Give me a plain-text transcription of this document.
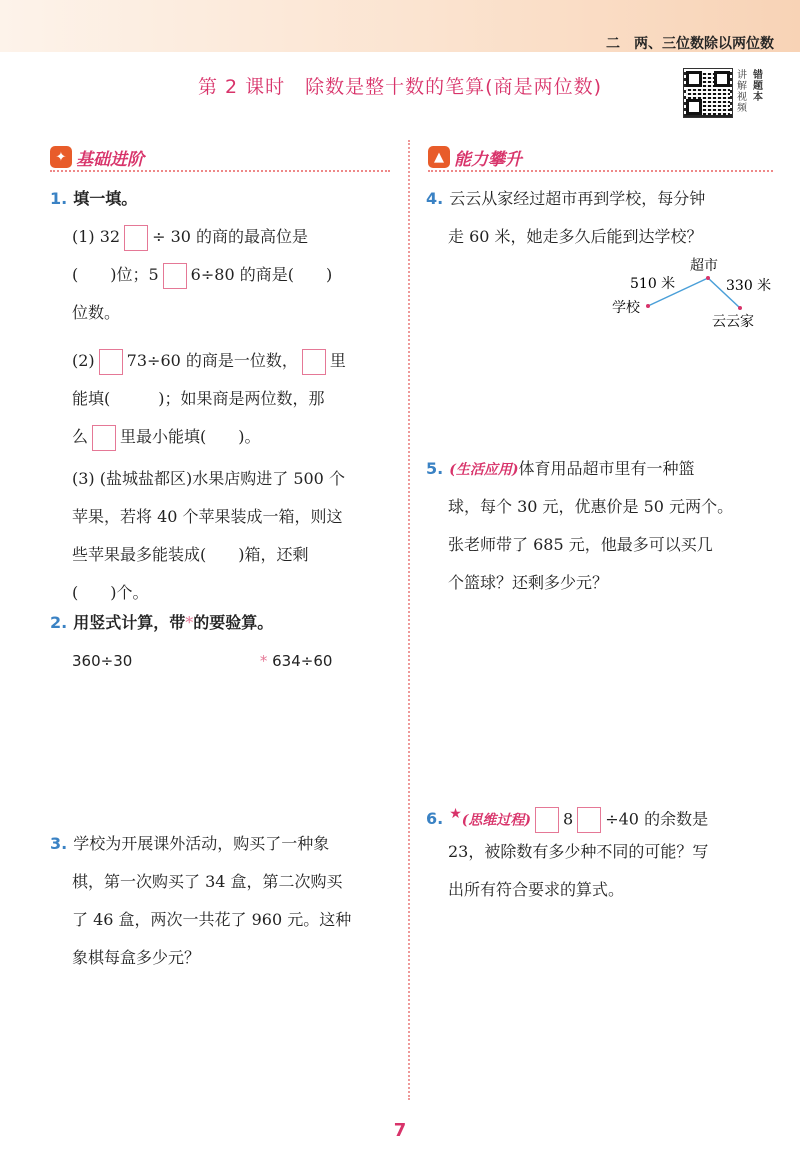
二　两、三位数除以两位数
第 2 课时　除数是整十数的笔算(商是两位数)
讲解视频
错题本
✦ 基础进阶	▲ 能力攀升
1. 填一填。
(1) 32 ÷ 30 的商的最高位是
(　　)位；5 6÷80 的商是(　　)
位数。
(2) 73÷60 的商是一位数， 里
能填(　　　)；如果商是两位数，那
么 里最小能填(　　)。
(3) (盐城盐都区)水果店购进了 500 个
苹果，若将 40 个苹果装成一箱，则这
些苹果最多能装成(　　)箱，还剩
(　　)个。
2. 用竖式计算，带*的要验算。
360÷30	* 634÷60
3. 学校为开展课外活动，购买了一种象
棋，第一次购买了 34 盒，第二次购买
了 46 盒，两次一共花了 960 元。这种
象棋每盒多少元？
4. 云云从家经过超市再到学校，每分钟
走 60 米，她走多久后能到达学校？
超市
学校
云云家
510 米	330 米
5. (生活应用)体育用品超市里有一种篮
球，每个 30 元，优惠价是 50 元两个。
张老师带了 685 元，他最多可以买几
个篮球？还剩多少元？
6. ★(思维过程) 8 ÷40 的余数是
23，被除数有多少种不同的可能？写
出所有符合要求的算式。
7
